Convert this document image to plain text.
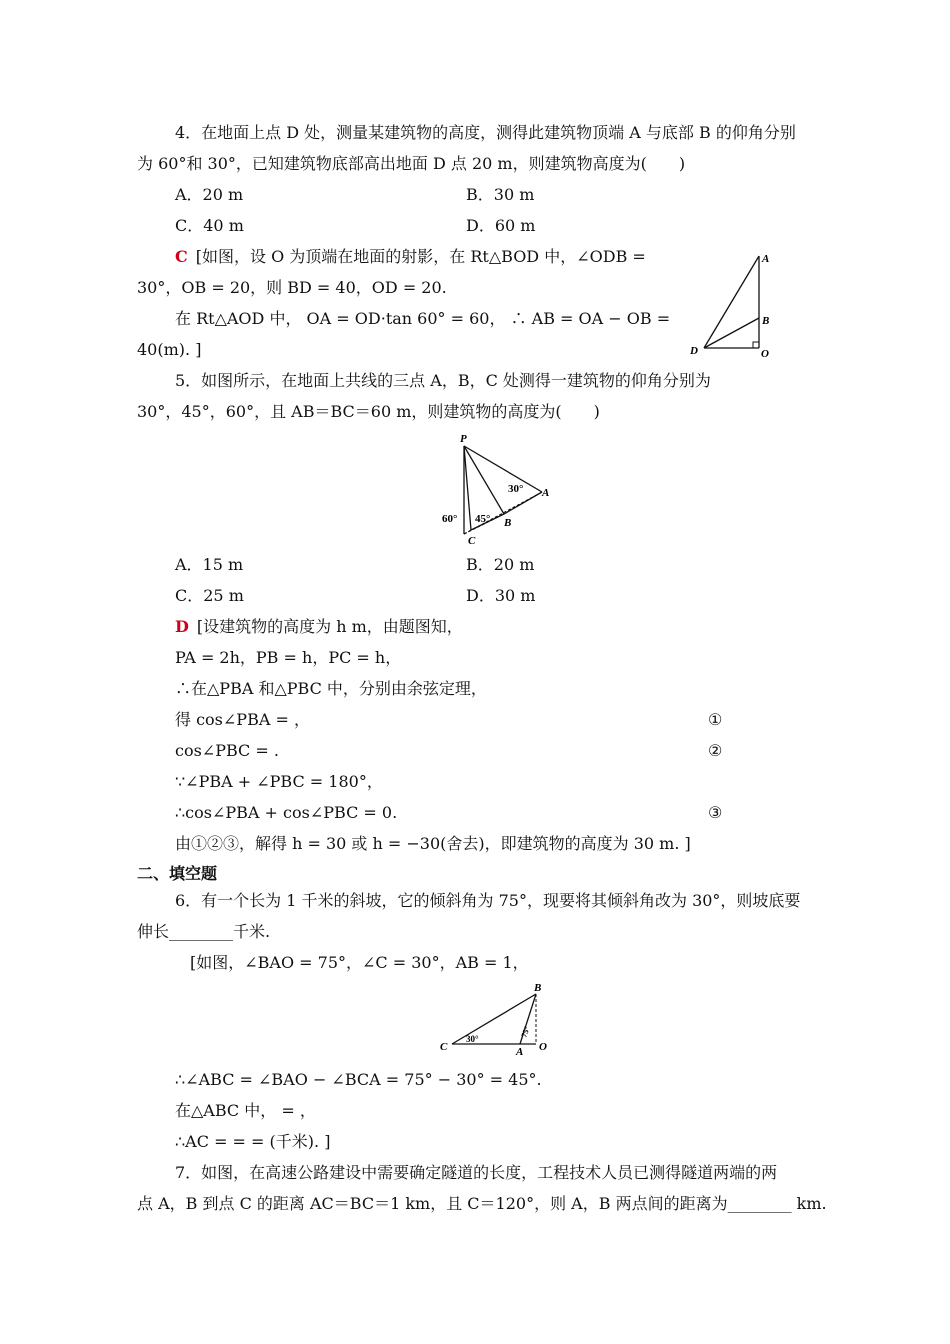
4．在地面上点 D 处，测量某建筑物的高度，测得此建筑物顶端 A 与底部 B 的仰角分别
为 60°和 30°，已知建筑物底部高出地面 D 点 20 m，则建筑物高度为(　　)
A．20 m	B．30 m
C．40 m	D．60 m
C [如图，设 O 为顶端在地面的射影，在 Rt△BOD 中，∠ODB =
30°，OB = 20，则 BD = 40，OD = 20.
在 Rt△AOD 中， OA = OD·tan 60° = 60， ∴ AB = OA − OB =
40(m). ]
A
B
D	O
5．如图所示，在地面上共线的三点 A，B，C 处测得一建筑物的仰角分别为
30°，45°，60°，且 AB＝BC＝60 m，则建筑物的高度为(　　)
P
A
B
C
30°
45°
60°
A．15 m	B．20 m
C．25 m	D．30 m
D [设建筑物的高度为 h m，由题图知，
PA = 2h，PB = h，PC = h，
∴在△PBA 和△PBC 中，分别由余弦定理，
得 cos∠PBA = ，	①
cos∠PBC = .	②
∵∠PBA + ∠PBC = 180°，
∴cos∠PBA + cos∠PBC = 0.	③
由①②③，解得 h = 30 或 h = −30(舍去)，即建筑物的高度为 30 m. ]
二、填空题
6．有一个长为 1 千米的斜坡，它的倾斜角为 75°，现要将其倾斜角改为 30°，则坡底要
伸长________千米.
[如图，∠BAO = 75°，∠C = 30°，AB = 1，
B
C	A O
30°
75°
∴∠ABC = ∠BAO − ∠BCA = 75° − 30° = 45°.
在△ABC 中， = ，
∴AC = = = (千米). ]
7．如图，在高速公路建设中需要确定隧道的长度，工程技术人员已测得隧道两端的两
点 A，B 到点 C 的距离 AC＝BC＝1 km，且 C＝120°，则 A，B 两点间的距离为________ km.
